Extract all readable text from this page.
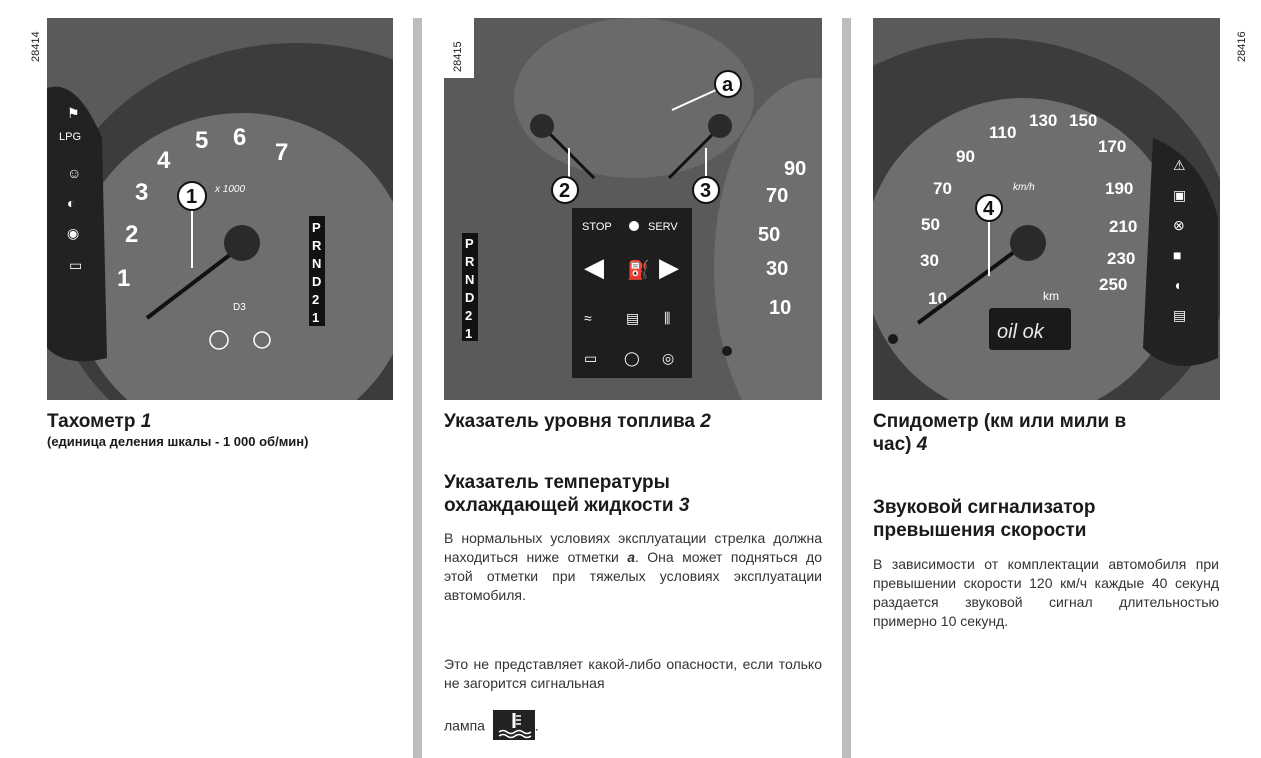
28414
LPG
⚑
☺
◐
◉
▭ 1
2
3
4
5 6
7
x 1000
1
P
R
N
D
2
1
D3
STOP	SERV
◀ ⛽ ▶
≈ ▤ ⫼
▭ ◯ ◎
P
R
N
D
2
1
10
30
50
70
90
2	3
a
28415
⚠
▣
⊗
■
◖
▤
10
30
50
70
90
110
130 150
170
190
210
230
250
km/h
4
km
oil ok
28416
Тахометр 1
(единица деления шкалы - 1 000 об/мин)
Указатель уровня топлива 2
Указатель температуры
охлаждающей жидкости 3
В нормальных условиях эксплуатации стрелка должна находиться ниже отметки a. Она может подняться до этой отметки при тяжелых условиях эксплуатации автомобиля.
Это не представляет какой-либо опасности, если только не загорится сигнальная
лампа	.
Спидометр (км или мили в
час) 4
Звуковой сигнализатор
превышения скорости
В зависимости от комплектации автомобиля при превышении скорости 120 км/ч каждые 40 секунд раздается звуковой сигнал длительностью примерно 10 секунд.
